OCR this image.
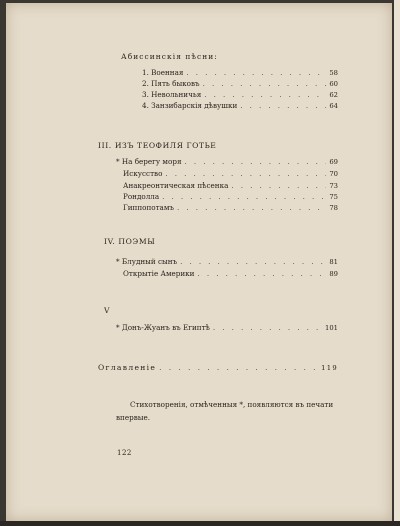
Абиссинскія пѣсни:
1. Военная . . .	58
2. Пять быковъ . . .	60
3. Невольничья . . .	62
4. Занзибарскія дѣвушки . . .	64
III. ИЗЪ ТЕОФИЛЯ ГОТЬЕ
* На берегу моря . . .	69
Искусство . . .	70
Анакреонтическая пѣсенка . . .	73
Рондолла . . .	75
Гиппопотамъ . . .	78
IV. ПОЭМЫ
* Блудный сынъ . . .	81
Открытіе Америки . . .	89
V
* Донъ-Жуанъ въ Египтѣ . . .	101
Оглавленіе . . .	119
Стихотворенія, отмѣченныя *, появляются въ печати
впервые.
122
